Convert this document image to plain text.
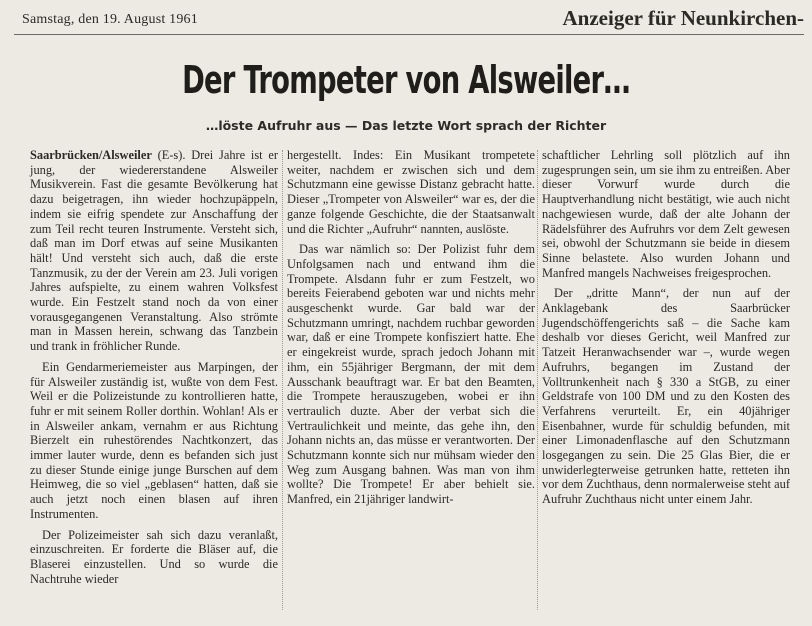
Samstag, den 19. August 1961	Anzeiger für Neunkirchen-
Der Trompeter von Alsweiler…
…löste Aufruhr aus — Das letzte Wort sprach der Richter

Saarbrücken/Alsweiler (E-s). Drei Jahre ist er jung, der wiedererstandene Alsweiler Musikverein. Fast die gesamte Bevölkerung hat dazu beigetragen, ihn wieder hochzupäppeln, indem sie eifrig spendete zur Anschaffung der zum Teil recht teuren Instrumente. Versteht sich, daß man im Dorf etwas auf seine Musikanten hält! Und versteht sich auch, daß die erste Tanzmusik, zu der der Verein am 23. Juli vorigen Jahres aufspielte, zu einem wahren Volksfest wurde. Ein Festzelt stand noch da von einer vorausgegangenen Veranstaltung. Also strömte man in Massen herein, schwang das Tanzbein und trank in fröhlicher Runde.

Ein Gendarmeriemeister aus Marpingen, der für Alsweiler zuständig ist, wußte von dem Fest. Weil er die Polizeistunde zu kontrollieren hatte, fuhr er mit seinem Roller dorthin. Wohlan! Als er in Alsweiler ankam, vernahm er aus Richtung Bierzelt ein ruhestörendes Nachtkonzert, das immer lauter wurde, denn es befanden sich just zu dieser Stunde einige junge Burschen auf dem Heimweg, die so viel „geblasen“ hatten, daß sie auch jetzt noch einen blasen auf ihren Instrumenten.

Der Polizeimeister sah sich dazu veranlaßt, einzuschreiten. Er forderte die Bläser auf, die Blaserei einzustellen. Und so wurde die Nachtruhe wieder

hergestellt. Indes: Ein Musikant trompetete weiter, nachdem er zwischen sich und dem Schutzmann eine gewisse Distanz gebracht hatte. Dieser „Trompeter von Alsweiler“ war es, der die ganze folgende Geschichte, die der Staatsanwalt und die Richter „Aufruhr“ nannten, auslöste.

Das war nämlich so: Der Polizist fuhr dem Unfolgsamen nach und entwand ihm die Trompete. Alsdann fuhr er zum Festzelt, wo bereits Feierabend geboten war und nichts mehr ausgeschenkt wurde. Gar bald war der Schutzmann umringt, nachdem ruchbar geworden war, daß er eine Trompete konfisziert hatte. Ehe er eingekreist wurde, sprach jedoch Johann mit ihm, ein 55jähriger Bergmann, der mit dem Ausschank beauftragt war. Er bat den Beamten, die Trompete herauszugeben, wobei er ihn vertraulich duzte. Aber der verbat sich die Vertraulichkeit und meinte, das gehe ihn, den Johann nichts an, das müsse er verantworten. Der Schutzmann konnte sich nur mühsam wieder den Weg zum Ausgang bahnen. Was man von ihm wollte? Die Trompete! Er aber behielt sie. Manfred, ein 21jähriger landwirt-

schaftlicher Lehrling soll plötzlich auf ihn zugesprungen sein, um sie ihm zu entreißen. Aber dieser Vorwurf wurde durch die Hauptverhandlung nicht bestätigt, wie auch nicht nachgewiesen wurde, daß der alte Johann der Rädelsführer des Aufruhrs vor dem Zelt gewesen sei, obwohl der Schutzmann sie beide in diesem Sinne belastete. Also wurden Johann und Manfred mangels Nachweises freigesprochen.

Der „dritte Mann“, der nun auf der Anklagebank des Saarbrücker Jugendschöffengerichts saß – die Sache kam deshalb vor dieses Gericht, weil Manfred zur Tatzeit Heranwachsender war –, wurde wegen Aufruhrs, begangen im Zustand der Volltrunkenheit nach § 330 a StGB, zu einer Geldstrafe von 100 DM und zu den Kosten des Verfahrens verurteilt. Er, ein 40jähriger Eisenbahner, wurde für schuldig befunden, mit einer Limonadenflasche auf den Schutzmann losgegangen zu sein. Die 25 Glas Bier, die er unwiderlegterweise getrunken hatte, retteten ihn vor dem Zuchthaus, denn normalerweise steht auf Aufruhr Zuchthaus nicht unter einem Jahr.
